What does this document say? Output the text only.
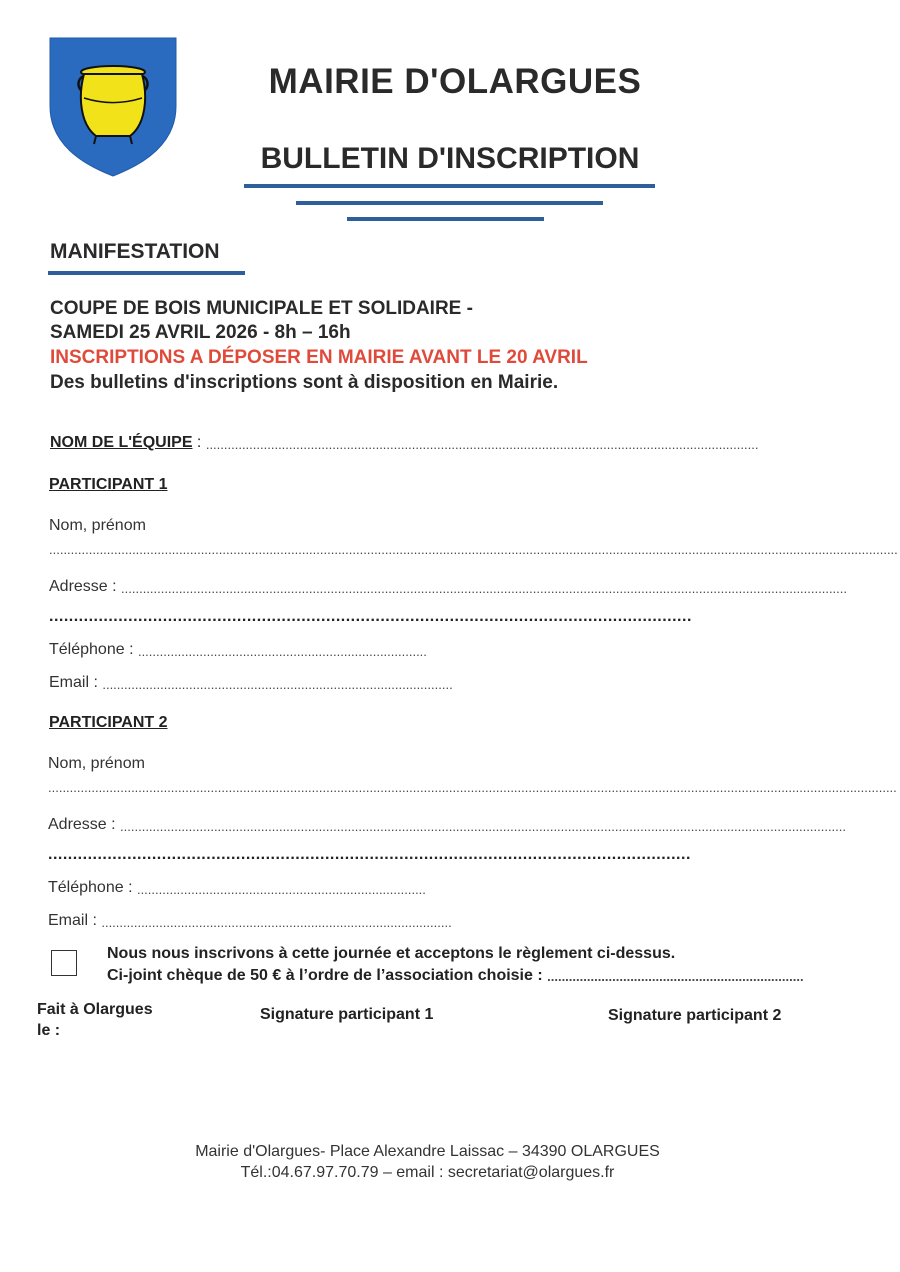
MAIRIE D'OLARGUES
BULLETIN D'INSCRIPTION
MANIFESTATION
COUPE DE BOIS MUNICIPALE ET SOLIDAIRE -
SAMEDI 25 AVRIL 2026 - 8h – 16h
INSCRIPTIONS A DÉPOSER EN MAIRIE AVANT LE 20 AVRIL
Des bulletins d'inscriptions sont à disposition en Mairie.
NOM DE L'ÉQUIPE : .........................................................................................................................................................
PARTICIPANT 1
Nom, prénom
...........................................................................................................................................................................................................................................
Adresse : .........................................................................................................................................................................................................
..................................................................................................................................
Téléphone : ................................................................................
Email : .................................................................................................
PARTICIPANT 2
Nom, prénom
...........................................................................................................................................................................................................................................
Adresse : .........................................................................................................................................................................................................
..................................................................................................................................
Téléphone : ................................................................................
Email : .................................................................................................
Nous nous inscrivons à cette journée et acceptons le règlement ci-dessus.
Ci-joint chèque de 50 € à l’ordre de l’association choisie : .......................................................................
Fait à Olargues
le :
Signature participant 1	Signature participant 2
Mairie d'Olargues- Place Alexandre Laissac – 34390 OLARGUES
Tél.:04.67.97.70.79 – email : secretariat@olargues.fr
